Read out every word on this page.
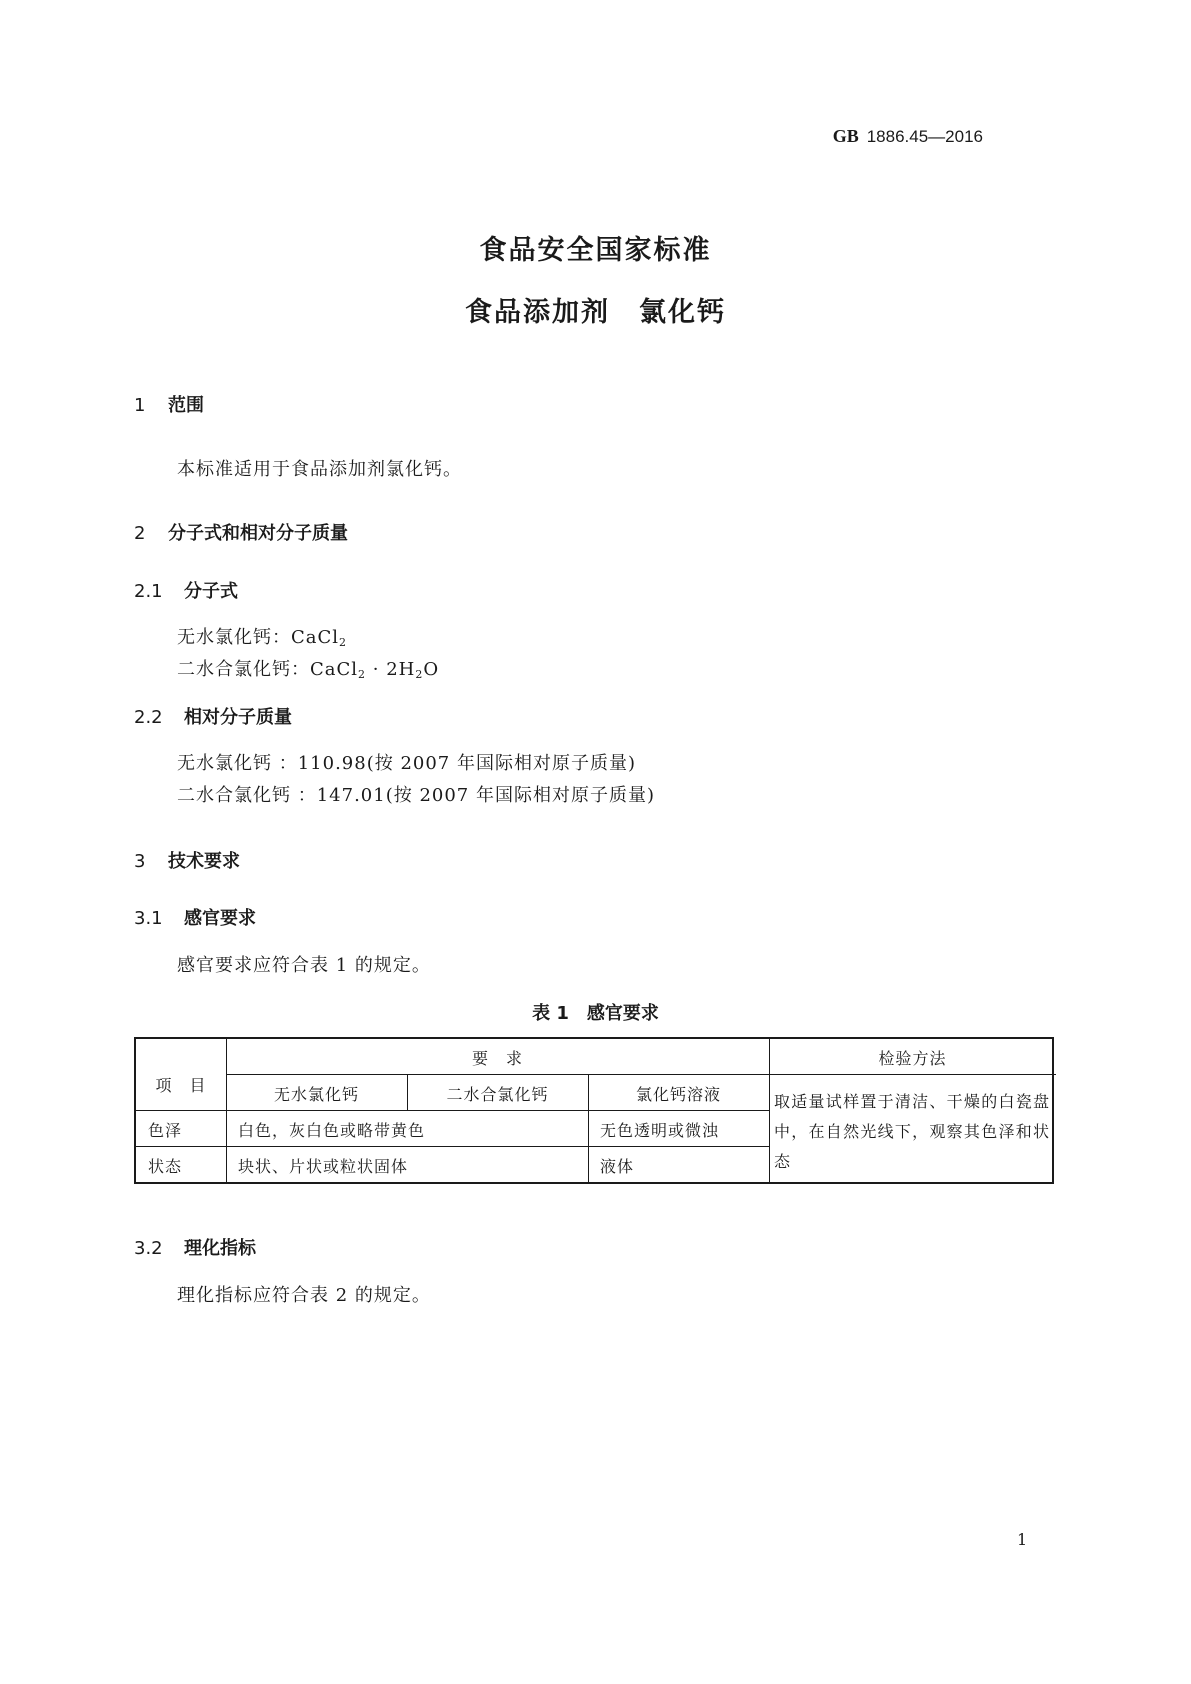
GB 1886.45—2016
食品安全国家标准
食品添加剂　氯化钙
1 范围
本标准适用于食品添加剂氯化钙。
2 分子式和相对分子质量
2.1 分子式
无水氯化钙：CaCl$_2$
二水合氯化钙：CaCl$_2$ · $2H_2O$
2.2 相对分子质量
无水氯化钙 ：110.98(按 2007 年国际相对原子质量)
二水合氯化钙 ：147.01(按 2007 年国际相对原子质量)
3 技术要求
3.1 感官要求
感官要求应符合表 1 的规定。
表 1　感官要求
项　目
要　求	检验方法
无水氯化钙	二水合氯化钙	氯化钙溶液
色泽	白色，灰白色或略带黄色	无色透明或微浊
状态	块状、片状或粒状固体	液体
取适量试样置于清洁、干燥的白瓷盘中，在自然光线下，观察其色泽和状态
3.2 理化指标
理化指标应符合表 2 的规定。
1
